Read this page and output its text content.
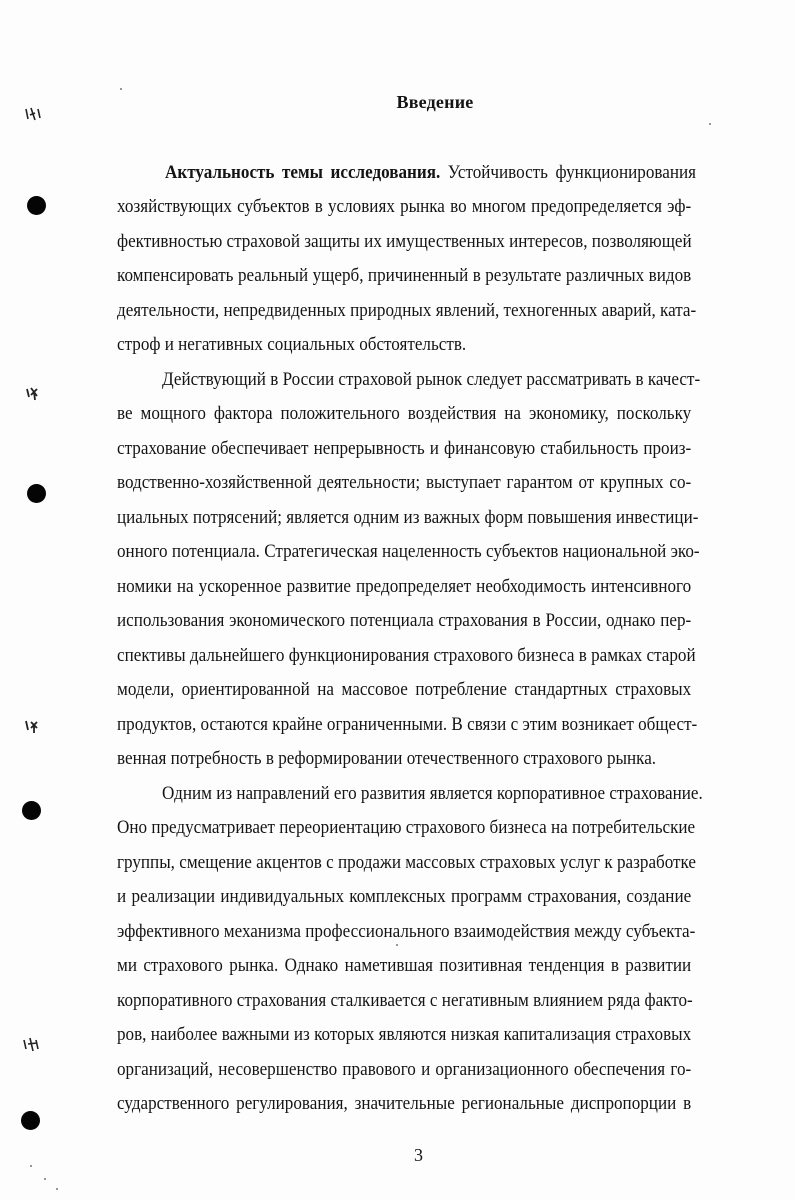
Введение
Актуальность темы исследования. Устойчивость функционирования
хозяйствующих субъектов в условиях рынка во многом предопределяется эф-
фективностью страховой защиты их имущественных интересов, позволяющей
компенсировать реальный ущерб, причиненный в результате различных видов
деятельности, непредвиденных природных явлений, техногенных аварий, ката-
строф и негативных социальных обстоятельств.
Действующий в России страховой рынок следует рассматривать в качест-
ве мощного фактора положительного воздействия на экономику, поскольку
страхование обеспечивает непрерывность и финансовую стабильность произ-
водственно-хозяйственной деятельности; выступает гарантом от крупных со-
циальных потрясений; является одним из важных форм повышения инвестици-
онного потенциала. Стратегическая нацеленность субъектов национальной эко-
номики на ускоренное развитие предопределяет необходимость интенсивного
использования экономического потенциала страхования в России, однако пер-
спективы дальнейшего функционирования страхового бизнеса в рамках старой
модели, ориентированной на массовое потребление стандартных страховых
продуктов, остаются крайне ограниченными. В связи с этим возникает общест-
венная потребность в реформировании отечественного страхового рынка.
Одним из направлений его развития является корпоративное страхование.
Оно предусматривает переориентацию страхового бизнеса на потребительские
группы, смещение акцентов с продажи массовых страховых услуг к разработке
и реализации индивидуальных комплексных программ страхования, создание
эффективного механизма профессионального взаимодействия между субъекта-
ми страхового рынка. Однако наметившая позитивная тенденция в развитии
корпоративного страхования сталкивается с негативным влиянием ряда факто-
ров, наиболее важными из которых являются низкая капитализация страховых
организаций, несовершенство правового и организационного обеспечения го-
сударственного регулирования, значительные региональные диспропорции в
3
